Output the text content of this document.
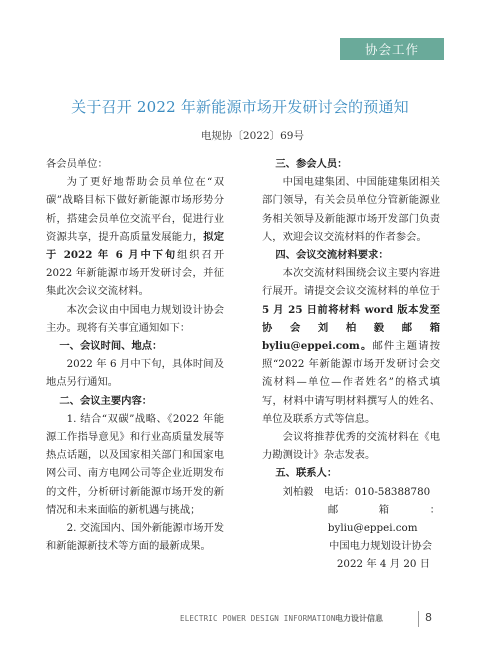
协会工作
关于召开 2022 年新能源市场开发研讨会的预通知
电规协〔2022〕69号

各会员单位：

为了更好地帮助会员单位在“双碳”战略目标下做好新能源市场形势分析，搭建会员单位交流平台，促进行业资源共享，提升高质量发展能力，拟定于 2022 年 6 月中下旬组织召开 2022 年新能源市场开发研讨会，并征集此次会议交流材料。

本次会议由中国电力规划设计协会主办。现将有关事宜通知如下：

一、会议时间、地点：

2022 年 6 月中下旬，具体时间及地点另行通知。

二、会议主要内容：

1. 结合“双碳”战略、《2022 年能源工作指导意见》和行业高质量发展等热点话题，以及国家相关部门和国家电网公司、南方电网公司等企业近期发布的文件，分析研讨新能源市场开发的新情况和未来面临的新机遇与挑战；

2. 交流国内、国外新能源市场开发和新能源新技术等方面的最新成果。

三、参会人员：

中国电建集团、中国能建集团相关部门领导，有关会员单位分管新能源业务相关领导及新能源市场开发部门负责人，欢迎会议交流材料的作者参会。

四、会议交流材料要求：

本次交流材料围绕会议主要内容进行展开。请提交会议交流材料的单位于5 月 25 日前将材料 word 版本发至协会刘柏毅邮箱 byliu@eppei.com。邮件主题请按照“2022 年新能源市场开发研讨会交流材料—单位—作者姓名”的格式填写，材料中请写明材料撰写人的姓名、单位及联系方式等信息。

会议将推荐优秀的交流材料在《电力勘测设计》杂志发表。

五、联系人：

刘柏毅　电话：010-58388780

邮箱：byliu@eppei.com

中国电力规划设计协会

2022 年 4 月 20 日

ELECTRIC POWER DESIGN INFORMATION 电力设计信息	8
